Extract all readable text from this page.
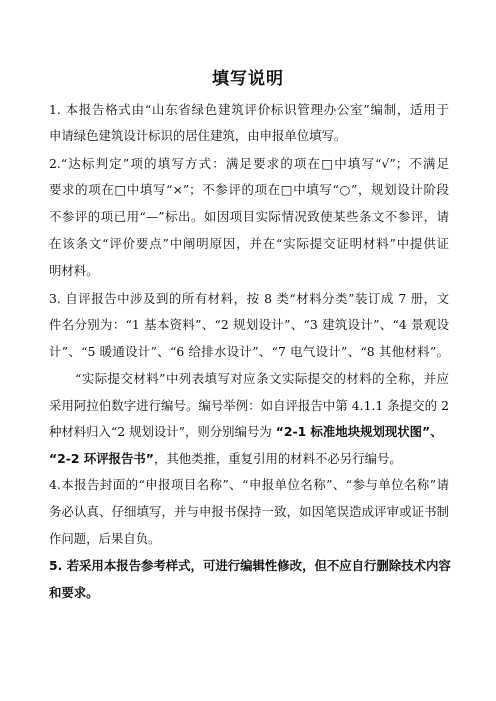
填写说明
1. 本报告格式由“山东省绿色建筑评价标识管理办公室”编制，适用于
申请绿色建筑设计标识的居住建筑，由申报单位填写。
2.“达标判定”项的填写方式：满足要求的项在□中填写“√”；不满足
要求的项在□中填写“×”；不参评的项在□中填写“○”，规划设计阶段
不参评的项已用“—”标出。如因项目实际情况致使某些条文不参评，请
在该条文“评价要点”中阐明原因，并在“实际提交证明材料”中提供证
明材料。
3. 自评报告中涉及到的所有材料，按 8 类“材料分类”装订成 7 册，文
件名分别为：“1 基本资料”、“2 规划设计”、“3 建筑设计”、“4 景观设
计”、“5 暖通设计”、“6 给排水设计”、“7 电气设计”、“8 其他材料”。
“实际提交材料”中列表填写对应条文实际提交的材料的全称，并应
采用阿拉伯数字进行编号。编号举例：如自评报告中第 4.1.1 条提交的 2
种材料归入“2 规划设计”，则分别编号为 “2-1 标准地块规划现状图”、
“2-2 环评报告书”，其他类推，重复引用的材料不必另行编号。
4.本报告封面的“申报项目名称”、“申报单位名称”、“参与单位名称”请
务必认真、仔细填写，并与申报书保持一致，如因笔误造成评审或证书制
作问题，后果自负。
5. 若采用本报告参考样式，可进行编辑性修改，但不应自行删除技术内容
和要求。
